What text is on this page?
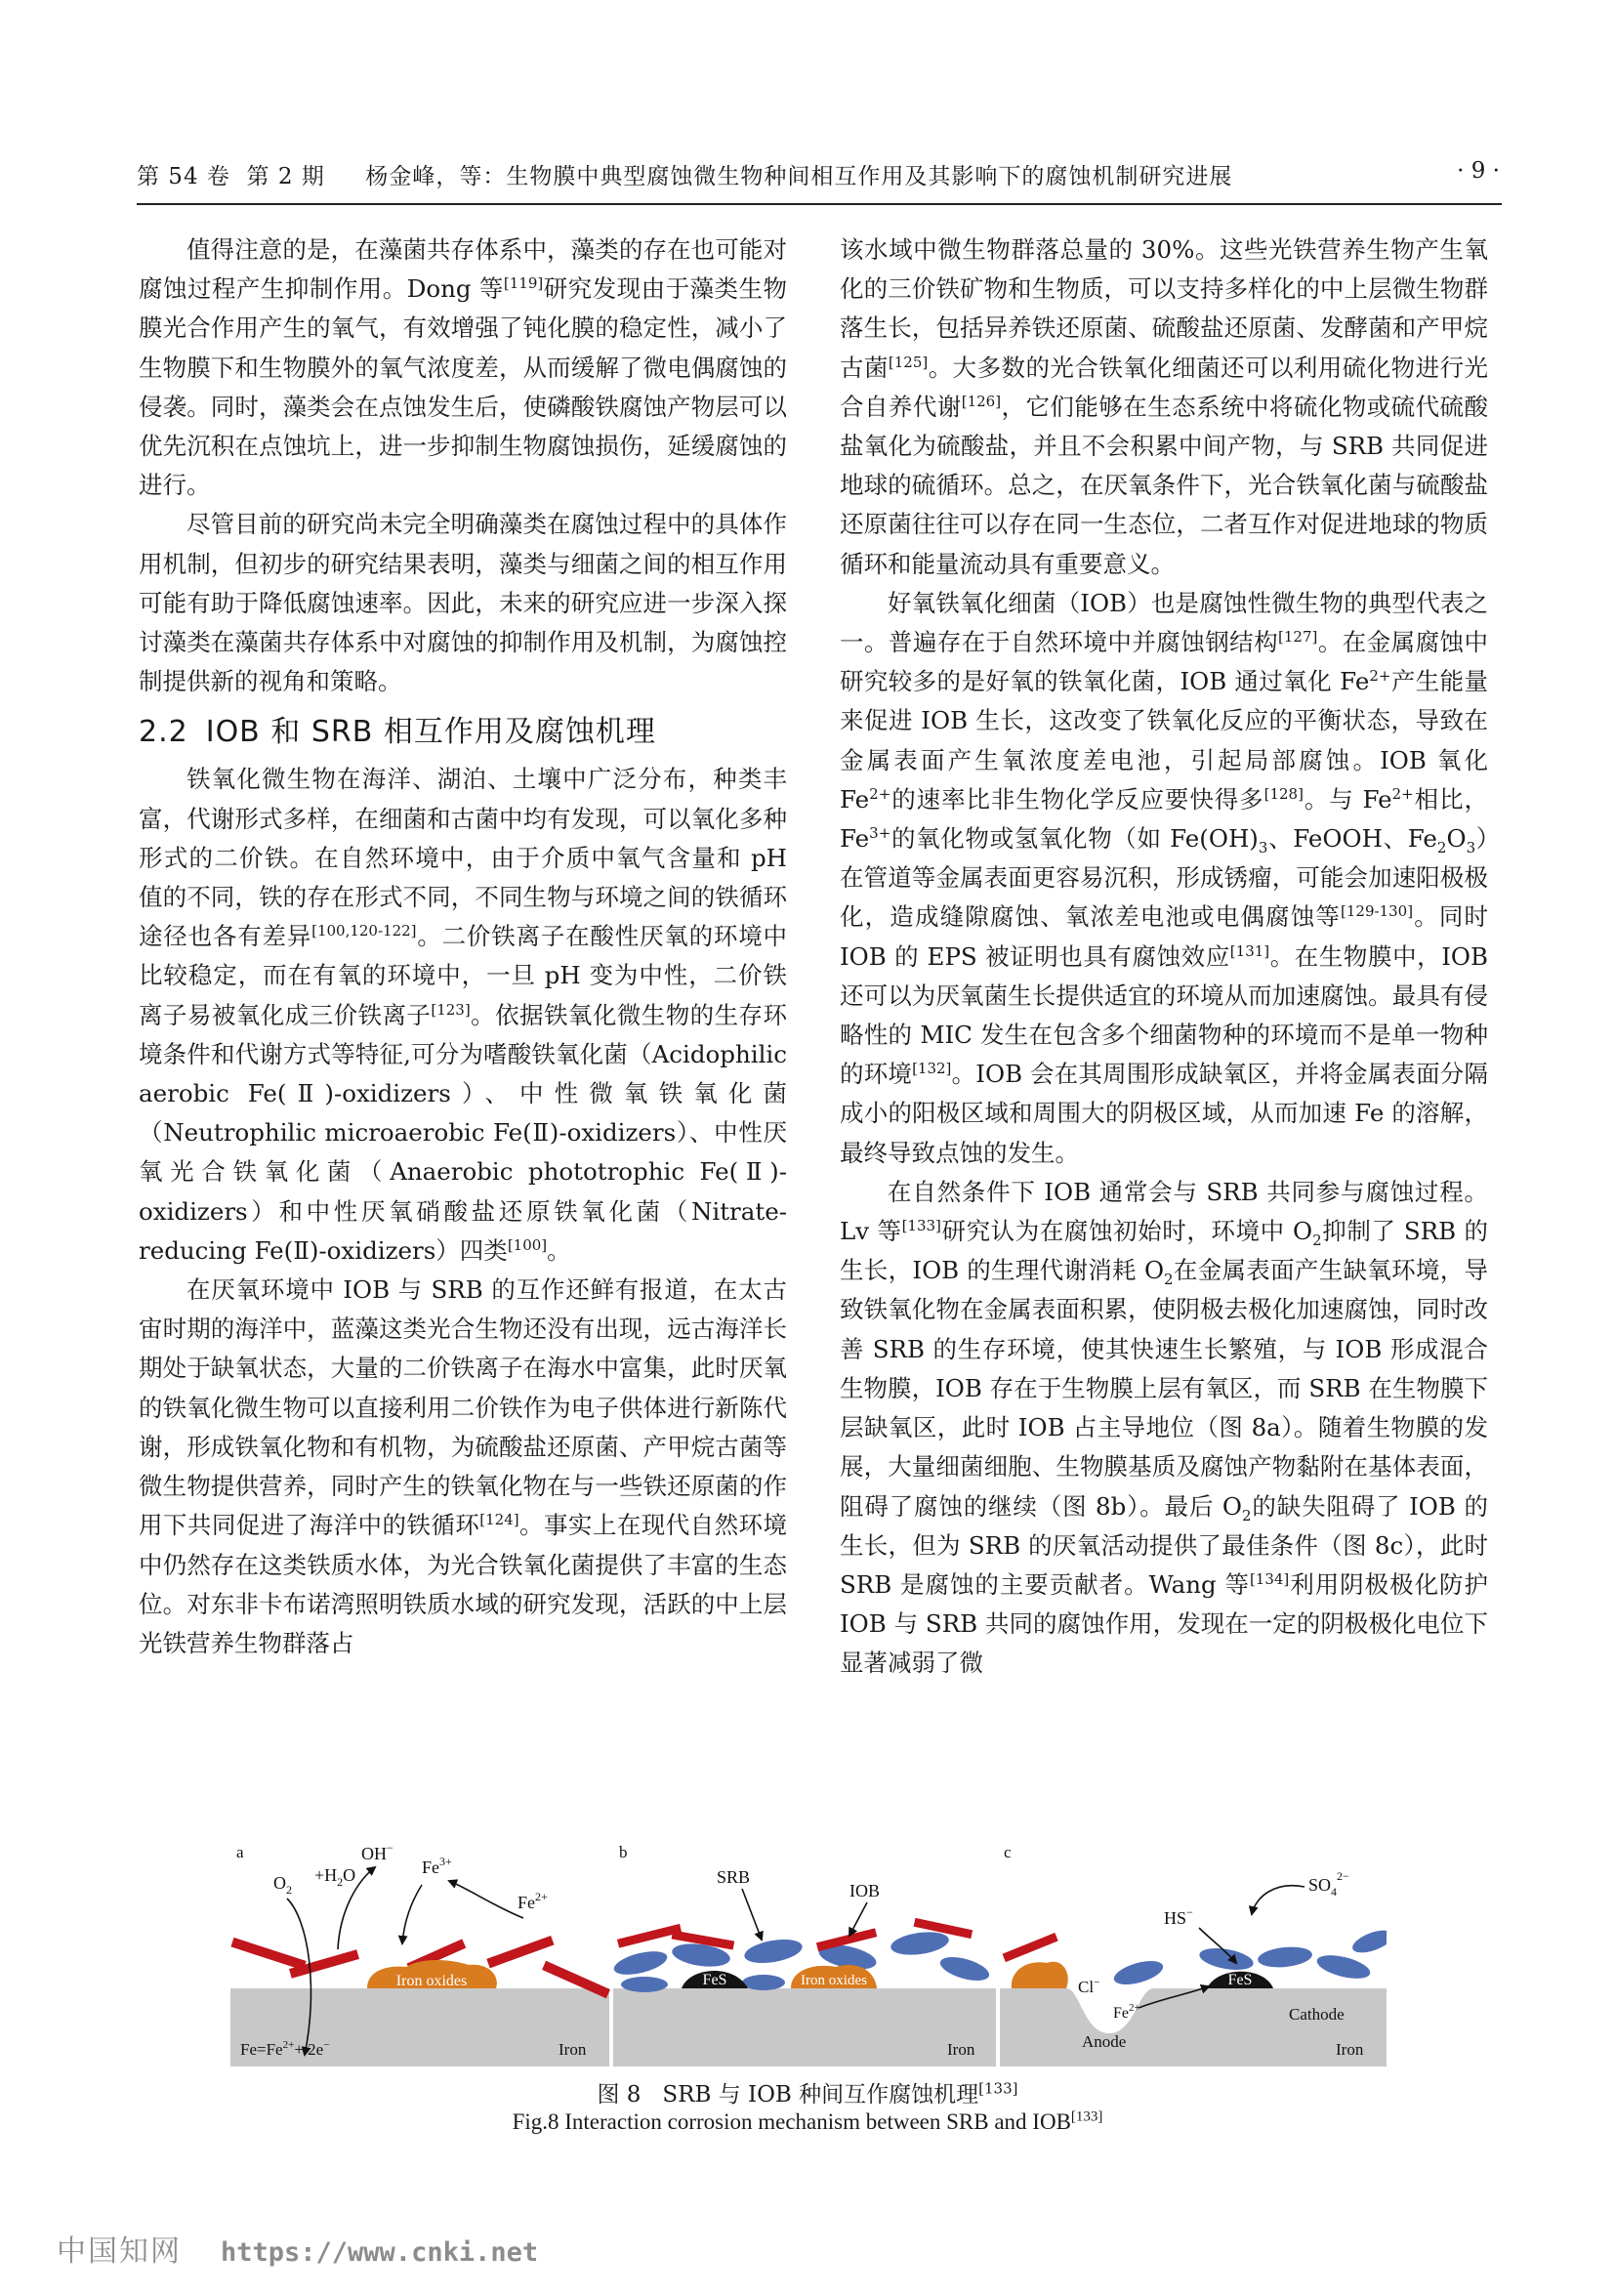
第 54 卷 第 2 期 杨金峰，等：生物膜中典型腐蚀微生物种间相互作用及其影响下的腐蚀机制研究进展	· 9 ·

值得注意的是，在藻菌共存体系中，藻类的存在也可能对腐蚀过程产生抑制作用。Dong 等[119]研究发现由于藻类生物膜光合作用产生的氧气，有效增强了钝化膜的稳定性，减小了生物膜下和生物膜外的氧气浓度差，从而缓解了微电偶腐蚀的侵袭。同时，藻类会在点蚀发生后，使磷酸铁腐蚀产物层可以优先沉积在点蚀坑上，进一步抑制生物腐蚀损伤，延缓腐蚀的进行。

尽管目前的研究尚未完全明确藻类在腐蚀过程中的具体作用机制，但初步的研究结果表明，藻类与细菌之间的相互作用可能有助于降低腐蚀速率。因此，未来的研究应进一步深入探讨藻类在藻菌共存体系中对腐蚀的抑制作用及机制，为腐蚀控制提供新的视角和策略。

2.2 IOB 和 SRB 相互作用及腐蚀机理

铁氧化微生物在海洋、湖泊、土壤中广泛分布，种类丰富，代谢形式多样，在细菌和古菌中均有发现，可以氧化多种形式的二价铁。在自然环境中，由于介质中氧气含量和 pH 值的不同，铁的存在形式不同，不同生物与环境之间的铁循环途径也各有差异[100,120-122]。二价铁离子在酸性厌氧的环境中比较稳定，而在有氧的环境中，一旦 pH 变为中性，二价铁离子易被氧化成三价铁离子[123]。依据铁氧化微生物的生存环境条件和代谢方式等特征,可分为嗜酸铁氧化菌（Acidophilic aerobic Fe(Ⅱ)-oxidizers）、中性微氧铁氧化菌（Neutrophilic microaerobic Fe(Ⅱ)-oxidizers）、中性厌氧光合铁氧化菌（Anaerobic phototrophic Fe(Ⅱ)-oxidizers）和中性厌氧硝酸盐还原铁氧化菌（Nitrate-reducing Fe(Ⅱ)-oxidizers）四类[100]。

在厌氧环境中 IOB 与 SRB 的互作还鲜有报道，在太古宙时期的海洋中，蓝藻这类光合生物还没有出现，远古海洋长期处于缺氧状态，大量的二价铁离子在海水中富集，此时厌氧的铁氧化微生物可以直接利用二价铁作为电子供体进行新陈代谢，形成铁氧化物和有机物，为硫酸盐还原菌、产甲烷古菌等微生物提供营养，同时产生的铁氧化物在与一些铁还原菌的作用下共同促进了海洋中的铁循环[124]。事实上在现代自然环境中仍然存在这类铁质水体，为光合铁氧化菌提供了丰富的生态位。对东非卡布诺湾照明铁质水域的研究发现，活跃的中上层光铁营养生物群落占

该水域中微生物群落总量的 30%。这些光铁营养生物产生氧化的三价铁矿物和生物质，可以支持多样化的中上层微生物群落生长，包括异养铁还原菌、硫酸盐还原菌、发酵菌和产甲烷古菌[125]。大多数的光合铁氧化细菌还可以利用硫化物进行光合自养代谢[126]，它们能够在生态系统中将硫化物或硫代硫酸盐氧化为硫酸盐，并且不会积累中间产物，与 SRB 共同促进地球的硫循环。总之，在厌氧条件下，光合铁氧化菌与硫酸盐还原菌往往可以存在同一生态位，二者互作对促进地球的物质循环和能量流动具有重要意义。

好氧铁氧化细菌（IOB）也是腐蚀性微生物的典型代表之一。普遍存在于自然环境中并腐蚀钢结构[127]。在金属腐蚀中研究较多的是好氧的铁氧化菌，IOB 通过氧化 $Fe^{2+}$产生能量来促进 IOB 生长，这改变了铁氧化反应的平衡状态，导致在金属表面产生氧浓度差电池，引起局部腐蚀。IOB 氧化 $Fe^{2+}$的速率比非生物化学反应要快得多[128]。与 $Fe^{2+}$相比，$Fe^{3+}$的氧化物或氢氧化物（如 $Fe(OH)_3$、FeOOH、$Fe_2O_3$）在管道等金属表面更容易沉积，形成锈瘤，可能会加速阳极极化，造成缝隙腐蚀、氧浓差电池或电偶腐蚀等[129-130]。同时 IOB 的 EPS 被证明也具有腐蚀效应[131]。在生物膜中，IOB 还可以为厌氧菌生长提供适宜的环境从而加速腐蚀。最具有侵略性的 MIC 发生在包含多个细菌物种的环境而不是单一物种的环境[132]。IOB 会在其周围形成缺氧区，并将金属表面分隔成小的阳极区域和周围大的阴极区域，从而加速 Fe 的溶解，最终导致点蚀的发生。

在自然条件下 IOB 通常会与 SRB 共同参与腐蚀过程。Lv 等[133]研究认为在腐蚀初始时，环境中 $O_2$抑制了 SRB 的生长，IOB 的生理代谢消耗 $O_2$在金属表面产生缺氧环境，导致铁氧化物在金属表面积累，使阴极去极化加速腐蚀，同时改善 SRB 的生存环境，使其快速生长繁殖，与 IOB 形成混合生物膜，IOB 存在于生物膜上层有氧区，而 SRB 在生物膜下层缺氧区，此时 IOB 占主导地位（图 8a）。随着生物膜的发展，大量细菌细胞、生物膜基质及腐蚀产物黏附在基体表面，阻碍了腐蚀的继续（图 8b）。最后 $O_2$的缺失阻碍了 IOB 的生长，但为 SRB 的厌氧活动提供了最佳条件（图 8c），此时 SRB 是腐蚀的主要贡献者。Wang 等[134]利用阴极极化防护 IOB 与 SRB 共同的腐蚀作用，发现在一定的阴极极化电位下显著减弱了微

Iron oxides
a
$O_2$
$+H_2O$
OH−
$Fe^{3+}$
$Fe^{2+}$
$Fe=Fe^{2+}+ 2e^-$	Iron
FeS	Iron oxides
b
SRB
IOB
Iron
FeS
c
$SO_4^{2-}$
HS−
Cl−
$Fe^{2+}$
Anode
Cathode
Iron
图 8 SRB 与 IOB 种间互作腐蚀机理[133]
Fig.8 Interaction corrosion mechanism between SRB and IOB[133]
中国知网 https://www.cnki.net
